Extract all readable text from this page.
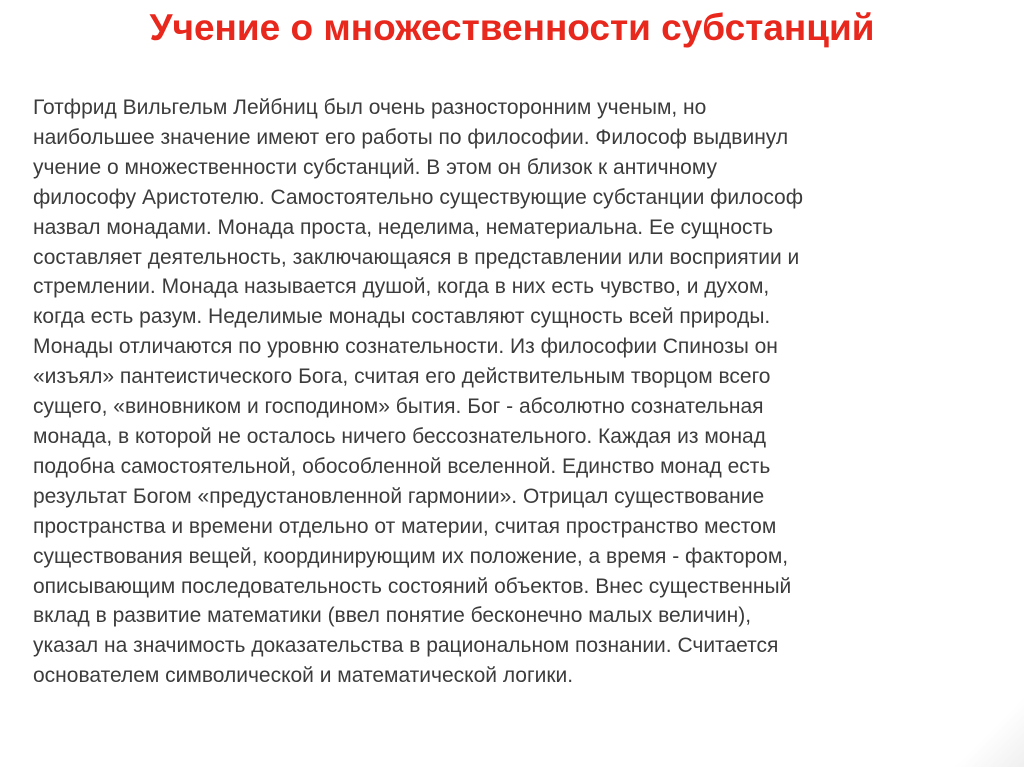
Учение о множественности субстанций

Готфрид Вильгельм Лейбниц был очень разносторонним ученым, но
наибольшее значение имеют его работы по философии. Философ выдвинул
учение о множественности субстанций. В этом он близок к античному
философу Аристотелю. Самостоятельно существующие субстанции философ
назвал монадами. Монада проста, неделима, нематериальна. Ее сущность
составляет деятельность, заключающаяся в представлении или восприятии и
стремлении. Монада называется душой, когда в них есть чувство, и духом,
когда есть разум. Неделимые монады составляют сущность всей природы.
Монады отличаются по уровню сознательности. Из философии Спинозы он
«изъял» пантеистического Бога, считая его действительным творцом всего
сущего, «виновником и господином» бытия. Бог - абсолютно сознательная
монада, в которой не осталось ничего бессознательного. Каждая из монад
подобна самостоятельной, обособленной вселенной. Единство монад есть
результат Богом «предустановленной гармонии». Отрицал существование
пространства и времени отдельно от материи, считая пространство местом
существования вещей, координирующим их положение, а время - фактором,
описывающим последовательность состояний объектов. Внес существенный
вклад в развитие математики (ввел понятие бесконечно малых величин),
указал на значимость доказательства в рациональном познании. Считается
основателем символической и математической логики.
